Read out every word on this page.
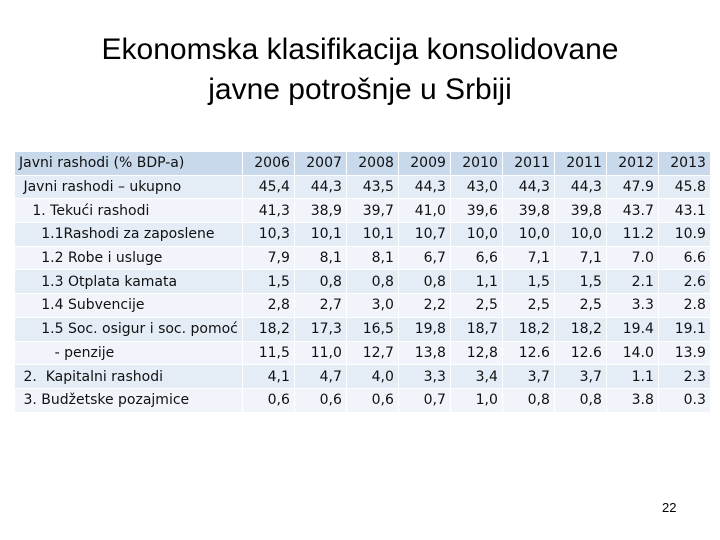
Ekonomska klasifikacija konsolidovane
javne potrošnje u Srbiji
Javni rashodi (% BDP-a)	2006	2007	2008	2009	2010	2011	2011	2012	2013
Javni rashodi – ukupno	45,4	44,3	43,5	44,3	43,0	44,3	44,3	47.9	45.8
1. Tekući rashodi	41,3	38,9	39,7	41,0	39,6	39,8	39,8	43.7	43.1
1.1Rashodi za zaposlene	10,3	10,1	10,1	10,7	10,0	10,0	10,0	11.2	10.9
1.2 Robe i usluge	7,9	8,1	8,1	6,7	6,6	7,1	7,1	7.0	6.6
1.3 Otplata kamata	1,5	0,8	0,8	0,8	1,1	1,5	1,5	2.1	2.6
1.4 Subvencije	2,8	2,7	3,0	2,2	2,5	2,5	2,5	3.3	2.8
1.5 Soc. osigur i soc. pomoć	18,2	17,3	16,5	19,8	18,7	18,2	18,2	19.4	19.1
- penzije	11,5	11,0	12,7	13,8	12,8	12.6	12.6	14.0	13.9
2.  Kapitalni rashodi	4,1	4,7	4,0	3,3	3,4	3,7	3,7	1.1	2.3
3. Budžetske pozajmice	0,6	0,6	0,6	0,7	1,0	0,8	0,8	3.8	0.3
22
